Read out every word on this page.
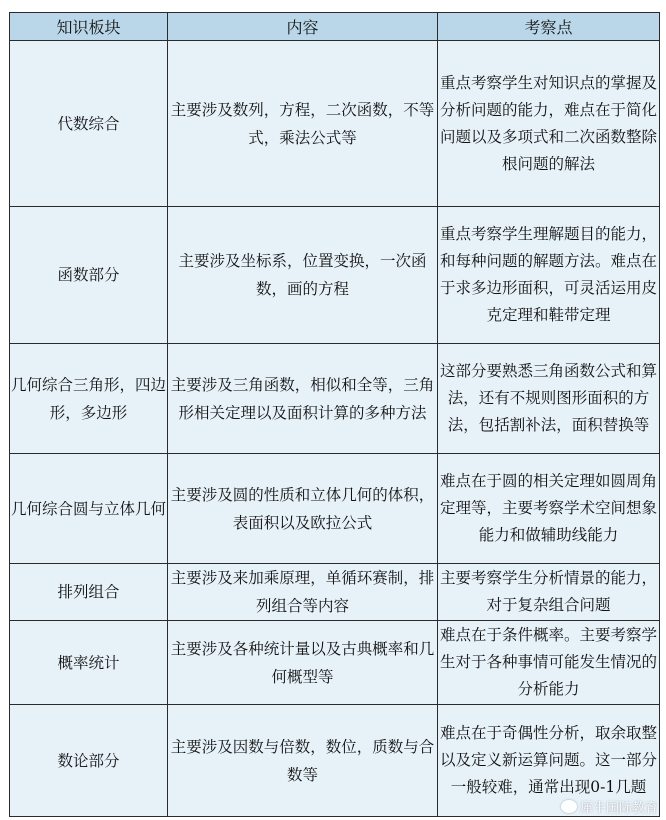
知识板块	内容	考察点
代数综合	主要涉及数列，方程，二次函数，不等式，乘法公式等	重点考察学生对知识点的掌握及分析问题的能力，难点在于简化问题以及多项式和二次函数整除根问题的解法
函数部分	主要涉及坐标系，位置变换，一次函数，画的方程	重点考察学生理解题目的能力，和每种问题的解题方法。难点在于求多边形面积，可灵活运用皮克定理和鞋带定理
几何综合三角形，四边形，多边形	主要涉及三角函数，相似和全等，三角形相关定理以及面积计算的多种方法	这部分要熟悉三角函数公式和算法，还有不规则图形面积的方法，包括割补法，面积替换等
几何综合圆与立体几何	主要涉及圆的性质和立体几何的体积，表面积以及欧拉公式	难点在于圆的相关定理如圆周角定理等，主要考察学术空间想象能力和做辅助线能力
排列组合	主要涉及来加乘原理，单循环赛制，排列组合等内容	主要考察学生分析情景的能力，对于复杂组合问题
概率统计	主要涉及各种统计量以及古典概率和几何概型等	难点在于条件概率。主要考察学生对于各种事情可能发生情况的分析能力
数论部分	主要涉及因数与倍数，数位，质数与合数等	难点在于奇偶性分析，取余取整以及定义新运算问题。这一部分一般较难，通常出现0-1几题
犀牛国际教育
